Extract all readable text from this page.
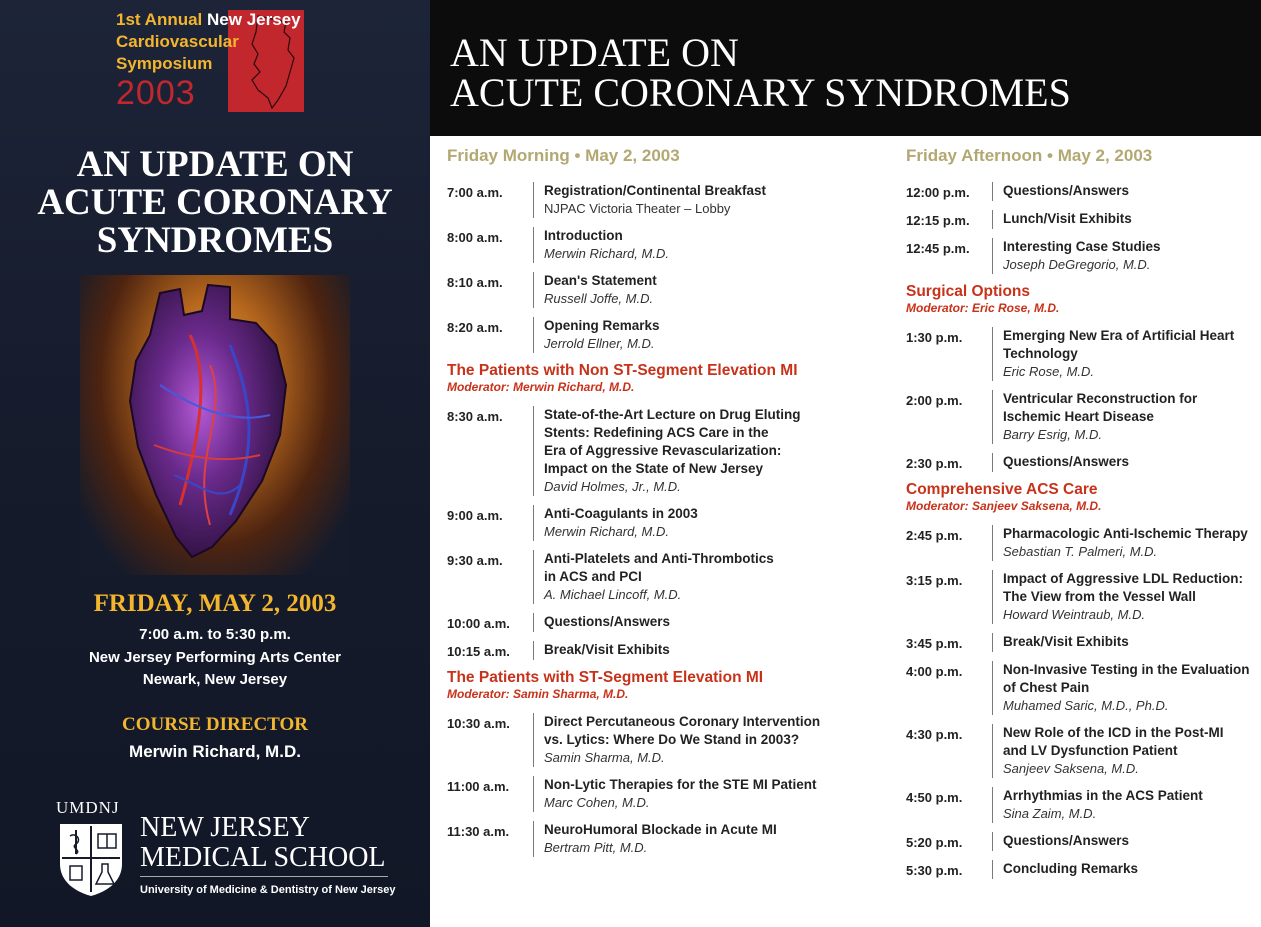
1st Annual New Jersey
Cardiovascular
Symposium
2003
AN UPDATE ON
ACUTE CORONARY
SYNDROMES
FRIDAY, MAY 2, 2003
7:00 a.m. to 5:30 p.m.
New Jersey Performing Arts Center
Newark, New Jersey
COURSE DIRECTOR
Merwin Richard, M.D.
UMDNJ
NEW JERSEY
MEDICAL SCHOOL
University of Medicine & Dentistry of New Jersey
AN UPDATE ON
ACUTE CORONARY SYNDROMES
Friday Morning • May 2, 2003
7:00 a.m.	Registration/Continental Breakfast
NJPAC Victoria Theater – Lobby
8:00 a.m.	Introduction
Merwin Richard, M.D.
8:10 a.m.	Dean's Statement
Russell Joffe, M.D.
8:20 a.m.	Opening Remarks
Jerrold Ellner, M.D.
The Patients with Non ST-Segment Elevation MI
Moderator: Merwin Richard, M.D.
8:30 a.m.	State-of-the-Art Lecture on Drug Eluting
Stents: Redefining ACS Care in the
Era of Aggressive Revascularization:
Impact on the State of New Jersey
David Holmes, Jr., M.D.
9:00 a.m.	Anti-Coagulants in 2003
Merwin Richard, M.D.
9:30 a.m.	Anti-Platelets and Anti-Thrombotics
in ACS and PCI
A. Michael Lincoff, M.D.
10:00 a.m.	Questions/Answers
10:15 a.m.	Break/Visit Exhibits
The Patients with ST-Segment Elevation MI
Moderator: Samin Sharma, M.D.
10:30 a.m.	Direct Percutaneous Coronary Intervention
vs. Lytics: Where Do We Stand in 2003?
Samin Sharma, M.D.
11:00 a.m.	Non-Lytic Therapies for the STE MI Patient
Marc Cohen, M.D.
11:30 a.m.	NeuroHumoral Blockade in Acute MI
Bertram Pitt, M.D.
Friday Afternoon • May 2, 2003
12:00 p.m.	Questions/Answers
12:15 p.m.	Lunch/Visit Exhibits
12:45 p.m.	Interesting Case Studies
Joseph DeGregorio, M.D.
Surgical Options
Moderator: Eric Rose, M.D.
1:30 p.m.	Emerging New Era of Artificial Heart
Technology
Eric Rose, M.D.
2:00 p.m.	Ventricular Reconstruction for
Ischemic Heart Disease
Barry Esrig, M.D.
2:30 p.m.	Questions/Answers
Comprehensive ACS Care
Moderator: Sanjeev Saksena, M.D.
2:45 p.m.	Pharmacologic Anti-Ischemic Therapy
Sebastian T. Palmeri, M.D.
3:15 p.m.	Impact of Aggressive LDL Reduction:
The View from the Vessel Wall
Howard Weintraub, M.D.
3:45 p.m.	Break/Visit Exhibits
4:00 p.m.	Non-Invasive Testing in the Evaluation
of Chest Pain
Muhamed Saric, M.D., Ph.D.
4:30 p.m.	New Role of the ICD in the Post-MI
and LV Dysfunction Patient
Sanjeev Saksena, M.D.
4:50 p.m.	Arrhythmias in the ACS Patient
Sina Zaim, M.D.
5:20 p.m.	Questions/Answers
5:30 p.m.	Concluding Remarks
